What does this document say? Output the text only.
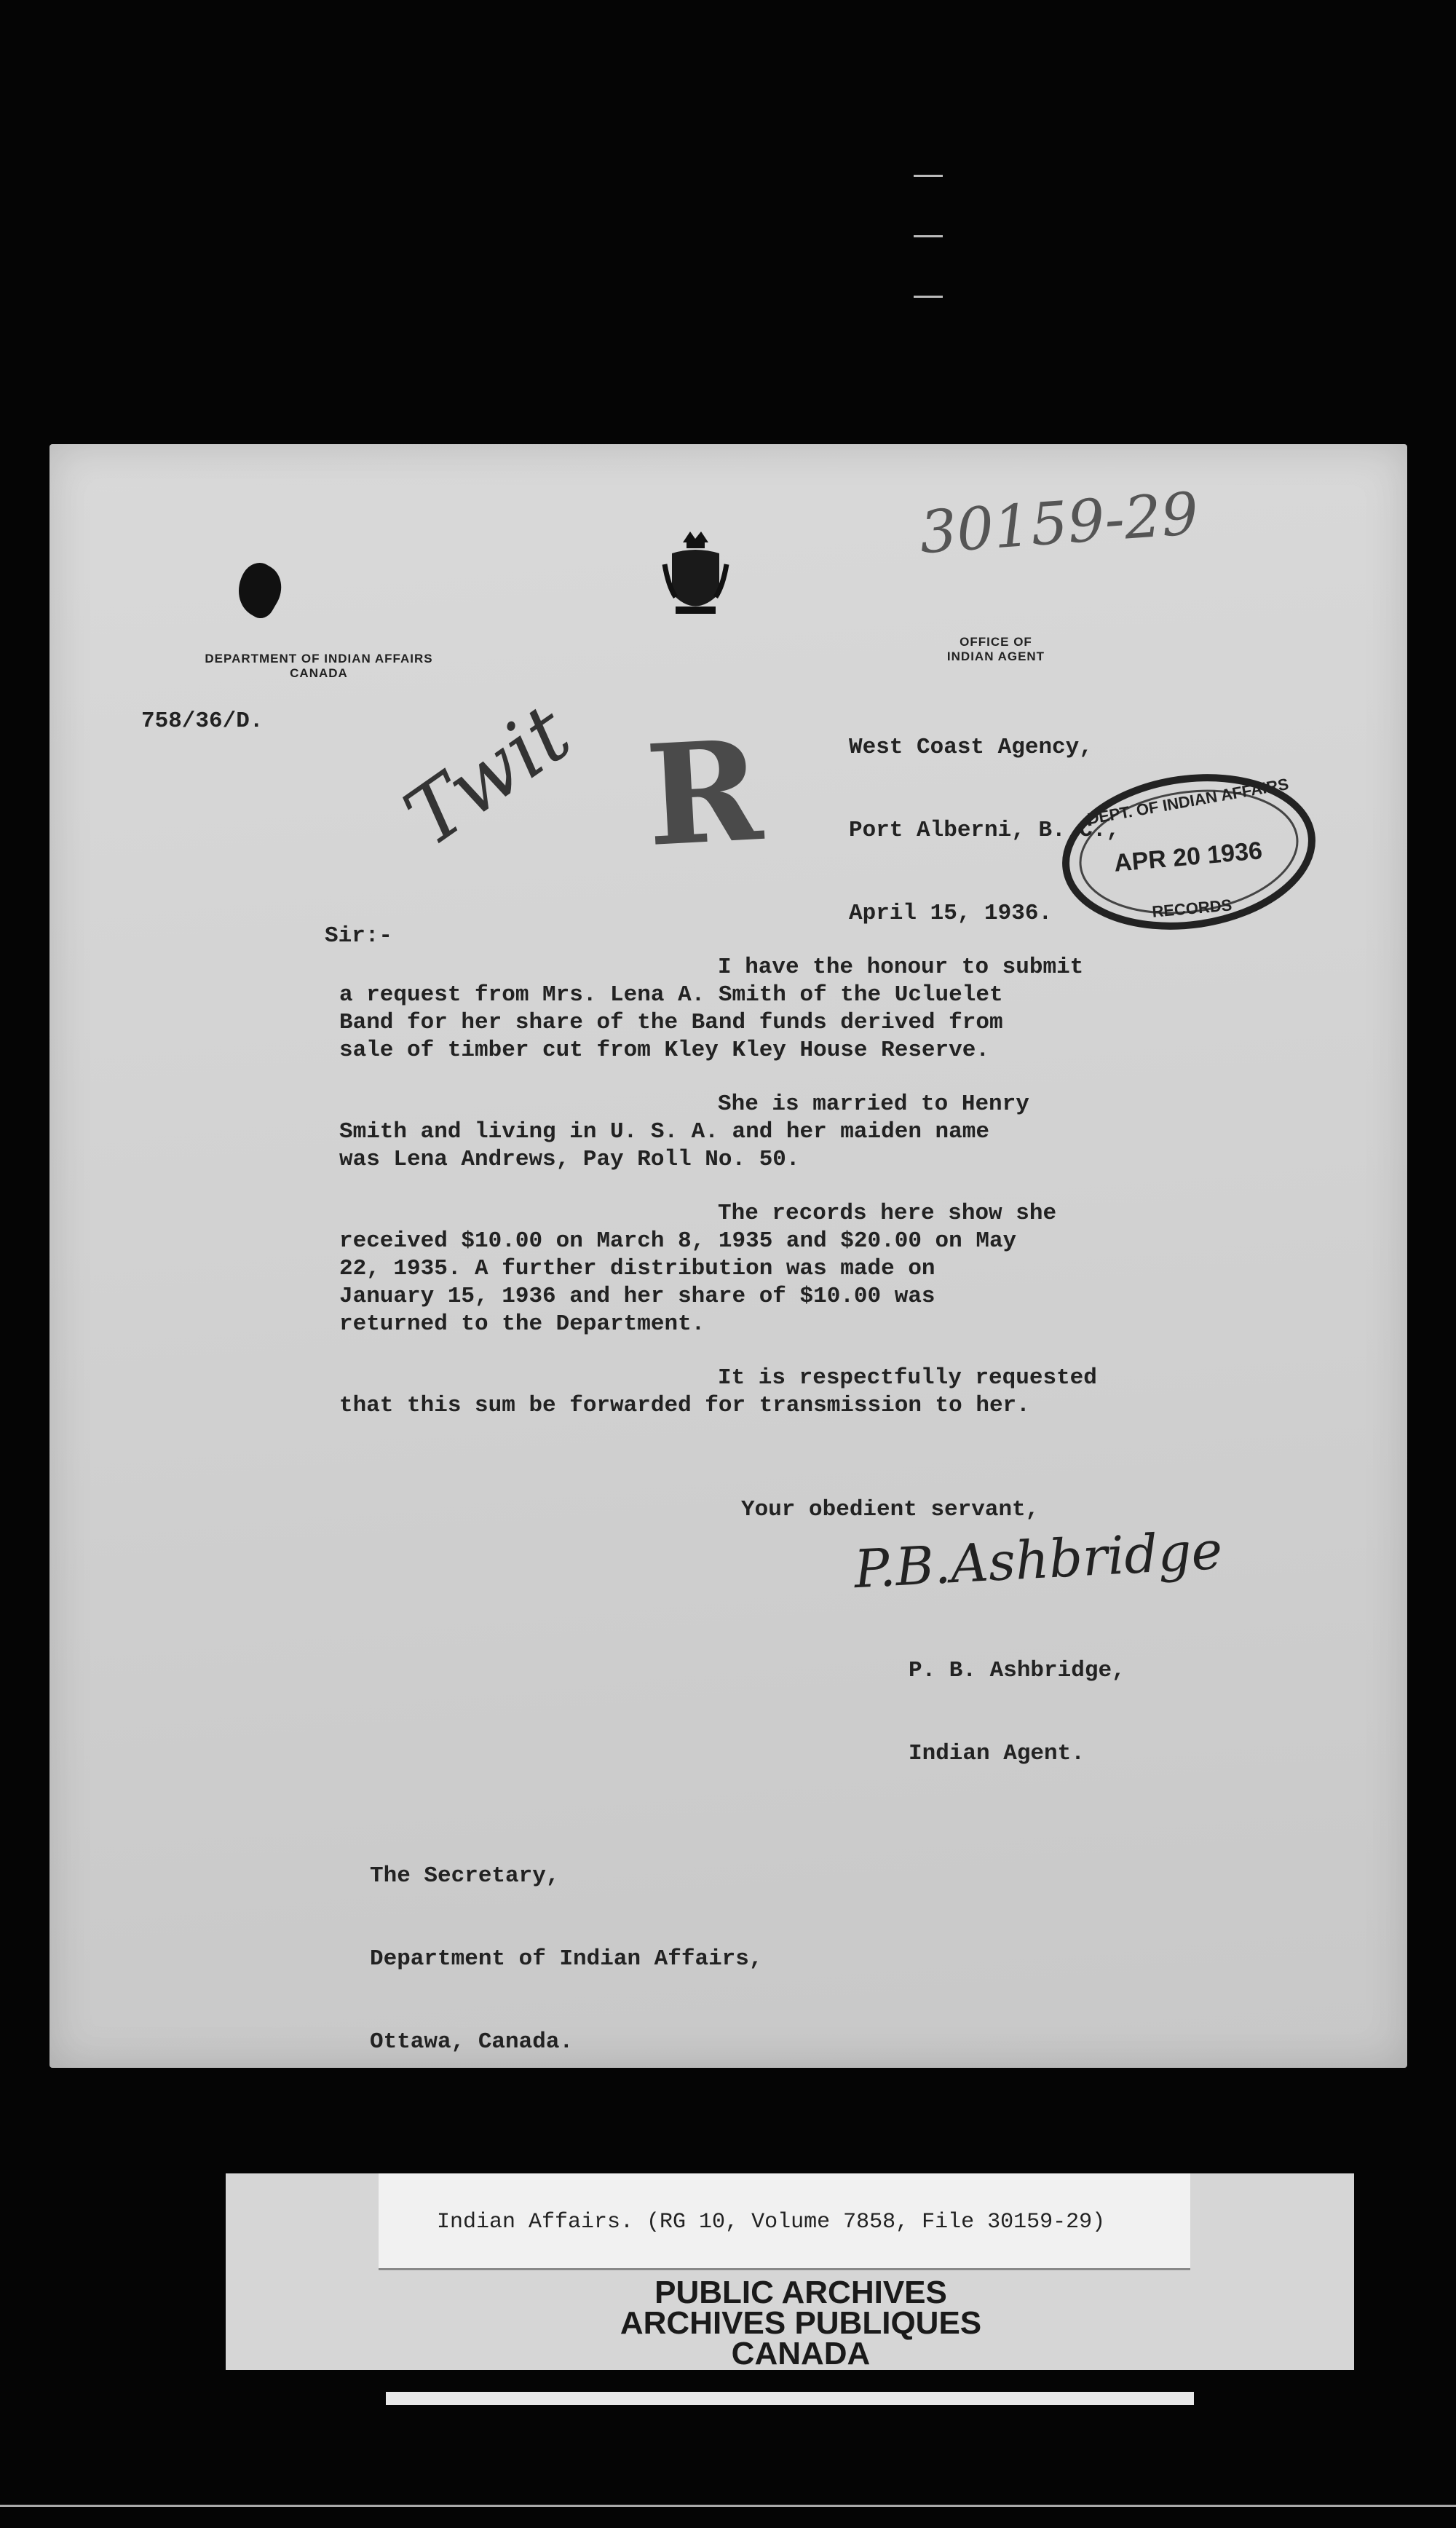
30159-29
DEPARTMENT OF INDIAN AFFAIRS
CANADA
OFFICE OF
INDIAN AGENT
758/36/D.

West Coast Agency,

Port Alberni, B. C.,

April 15, 1936.

R
Twit	DEPT. OF INDIAN AFFAIRS
APR 20 1936
RECORDS
Sir:-
I have the honour to submit
a request from Mrs. Lena A. Smith of the Ucluelet
Band for her share of the Band funds derived from
sale of timber cut from Kley Kley House Reserve.
She is married to Henry
Smith and living in U. S. A. and her maiden name
was Lena Andrews, Pay Roll No. 50.
The records here show she
received $10.00 on March 8, 1935 and $20.00 on May
22, 1935. A further distribution was made on
January 15, 1936 and her share of $10.00 was
returned to the Department.
It is respectfully requested
that this sum be forwarded for transmission to her.
Your obedient servant,
P.B.Ashbridge

P. B. Ashbridge,

Indian Agent.

The Secretary,

Department of Indian Affairs,

Ottawa, Canada.

Indian Affairs. (RG 10, Volume 7858, File 30159-29)
PUBLIC ARCHIVES
ARCHIVES PUBLIQUES
CANADA
